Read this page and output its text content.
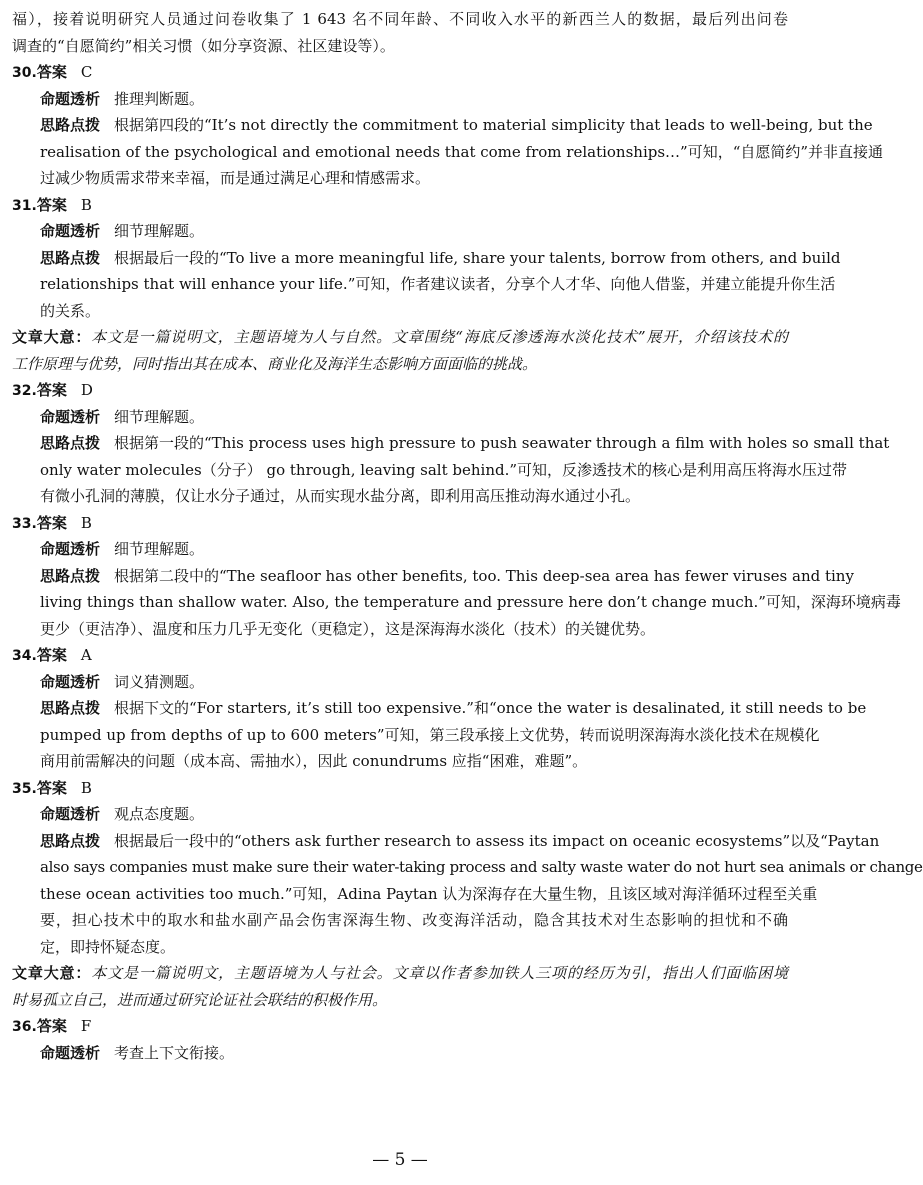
福），接着说明研究人员通过问卷收集了 1 643 名不同年龄、不同收入水平的新西兰人的数据，最后列出问卷
调查的“自愿简约”相关习惯（如分享资源、社区建设等）。
30.答案 C
命题透析 推理判断题。
思路点拨 根据第四段的“It’s not directly the commitment to material simplicity that leads to well-being, but the
realisation of the psychological and emotional needs that come from relationships…”可知，“自愿简约”并非直接通
过减少物质需求带来幸福，而是通过满足心理和情感需求。
31.答案 B
命题透析 细节理解题。
思路点拨 根据最后一段的“To live a more meaningful life, share your talents, borrow from others, and build
relationships that will enhance your life.”可知，作者建议读者，分享个人才华、向他人借鉴，并建立能提升你生活
的关系。
文章大意：本文是一篇说明文，主题语境为人与自然。文章围绕“海底反渗透海水淡化技术”展开，介绍该技术的
工作原理与优势，同时指出其在成本、商业化及海洋生态影响方面面临的挑战。
32.答案 D
命题透析 细节理解题。
思路点拨 根据第一段的“This process uses high pressure to push seawater through a film with holes so small that
only water molecules（分子） go through, leaving salt behind.”可知，反渗透技术的核心是利用高压将海水压过带
有微小孔洞的薄膜，仅让水分子通过，从而实现水盐分离，即利用高压推动海水通过小孔。
33.答案 B
命题透析 细节理解题。
思路点拨 根据第二段中的“The seafloor has other benefits, too. This deep-sea area has fewer viruses and tiny
living things than shallow water. Also, the temperature and pressure here don’t change much.”可知，深海环境病毒
更少（更洁净）、温度和压力几乎无变化（更稳定），这是深海海水淡化（技术）的关键优势。
34.答案 A
命题透析 词义猜测题。
思路点拨 根据下文的“For starters, it’s still too expensive.”和“once the water is desalinated, it still needs to be
pumped up from depths of up to 600 meters”可知，第三段承接上文优势，转而说明深海海水淡化技术在规模化
商用前需解决的问题（成本高、需抽水），因此 conundrums 应指“困难，难题”。
35.答案 B
命题透析 观点态度题。
思路点拨 根据最后一段中的“others ask further research to assess its impact on oceanic ecosystems”以及“Paytan
also says companies must make sure their water-taking process and salty waste water do not hurt sea animals or change
these ocean activities too much.”可知，Adina Paytan 认为深海存在大量生物，且该区域对海洋循环过程至关重
要，担心技术中的取水和盐水副产品会伤害深海生物、改变海洋活动，隐含其技术对生态影响的担忧和不确
定，即持怀疑态度。
文章大意：本文是一篇说明文，主题语境为人与社会。文章以作者参加铁人三项的经历为引，指出人们面临困境
时易孤立自己，进而通过研究论证社会联结的积极作用。
36.答案 F
命题透析 考查上下文衔接。
— 5 —
